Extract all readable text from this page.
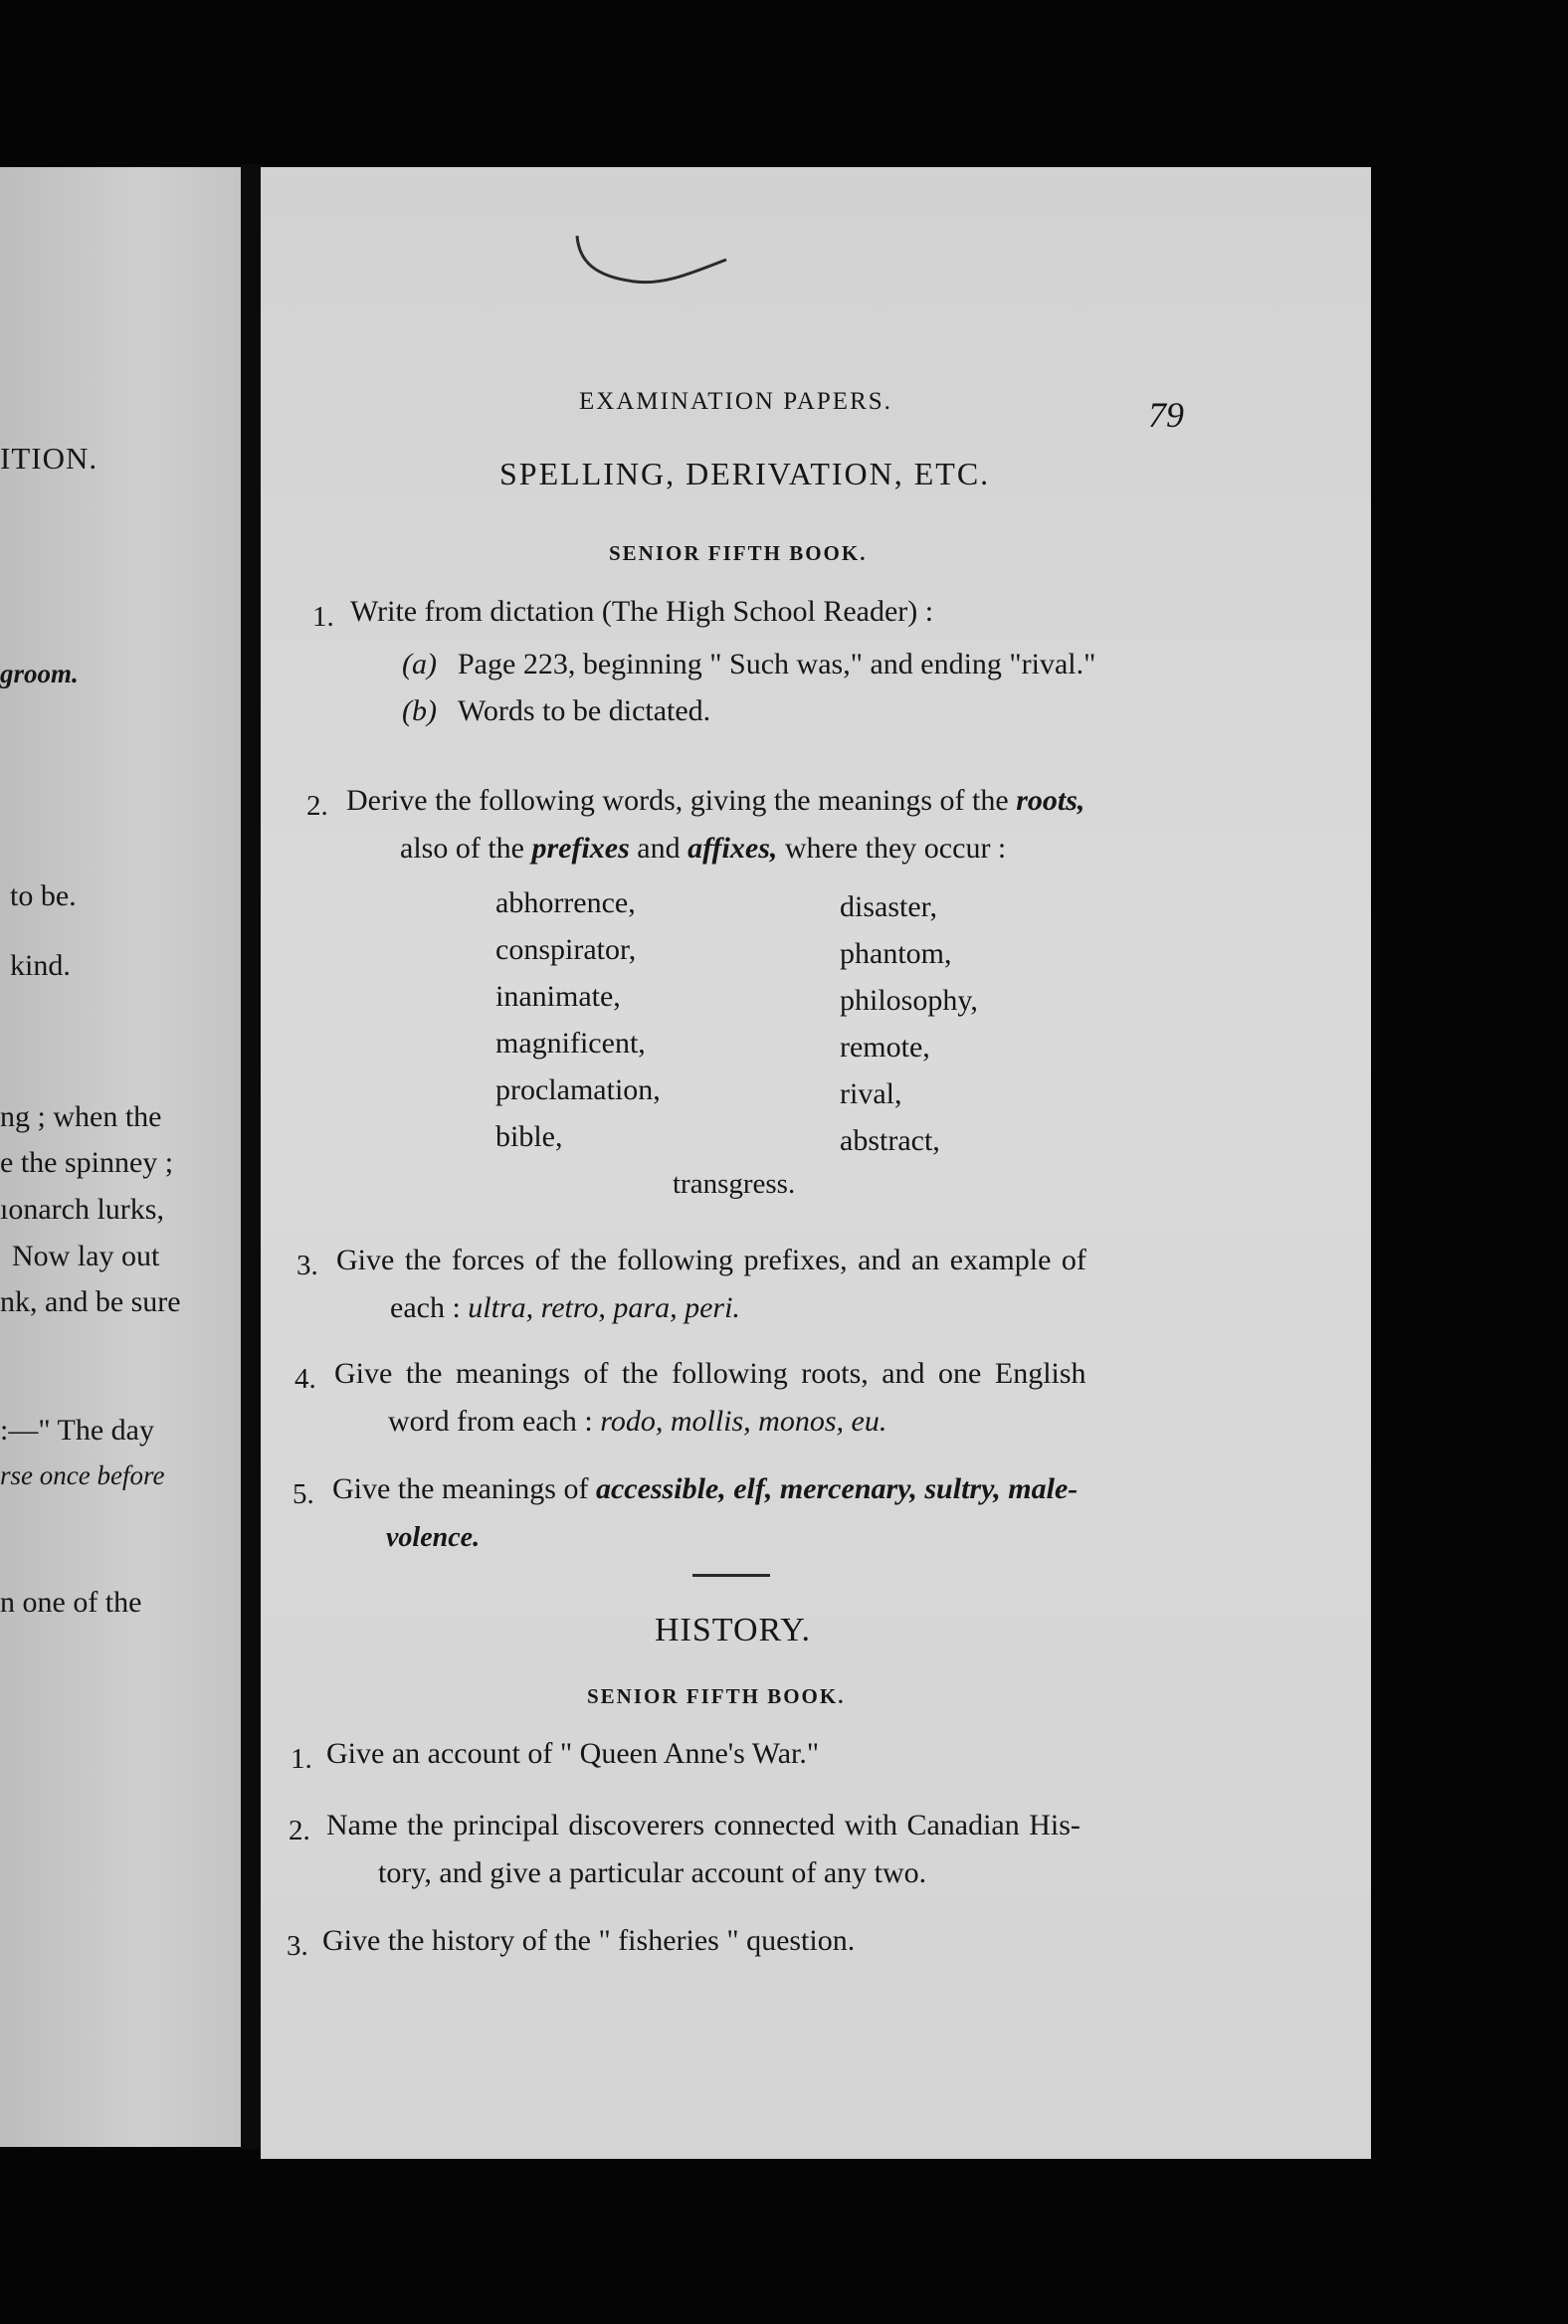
ITION.
groom.
to be.
kind.
ng ; when the
e the spinney ;
ıonarch lurks,
Now lay out
nk, and be sure
:—" The day
rse once before
n one of the
EXAMINATION PAPERS.	79
SPELLING, DERIVATION, ETC.
SENIOR FIFTH BOOK.
1. Write from dictation (The High School Reader) :
(a) Page 223, beginning " Such was," and ending "rival."
(b) Words to be dictated.
2. Derive the following words, giving the meanings of the roots,
also of the prefixes and affixes, where they occur :
abhorrence,
conspirator,
inanimate,
magnificent,
proclamation,
bible,
disaster,
phantom,
philosophy,
remote,
rival,
abstract,
transgress.
3. Give the forces of the following prefixes, and an example of
each : ultra, retro, para, peri.
4. Give the meanings of the following roots, and one English
word from each : rodo, mollis, monos, eu.
5. Give the meanings of accessible, elf, mercenary, sultry, male-
volence.
HISTORY.
SENIOR FIFTH BOOK.
1. Give an account of " Queen Anne's War."
2. Name the principal discoverers connected with Canadian His-
tory, and give a particular account of any two.
3. Give the history of the " fisheries " question.
